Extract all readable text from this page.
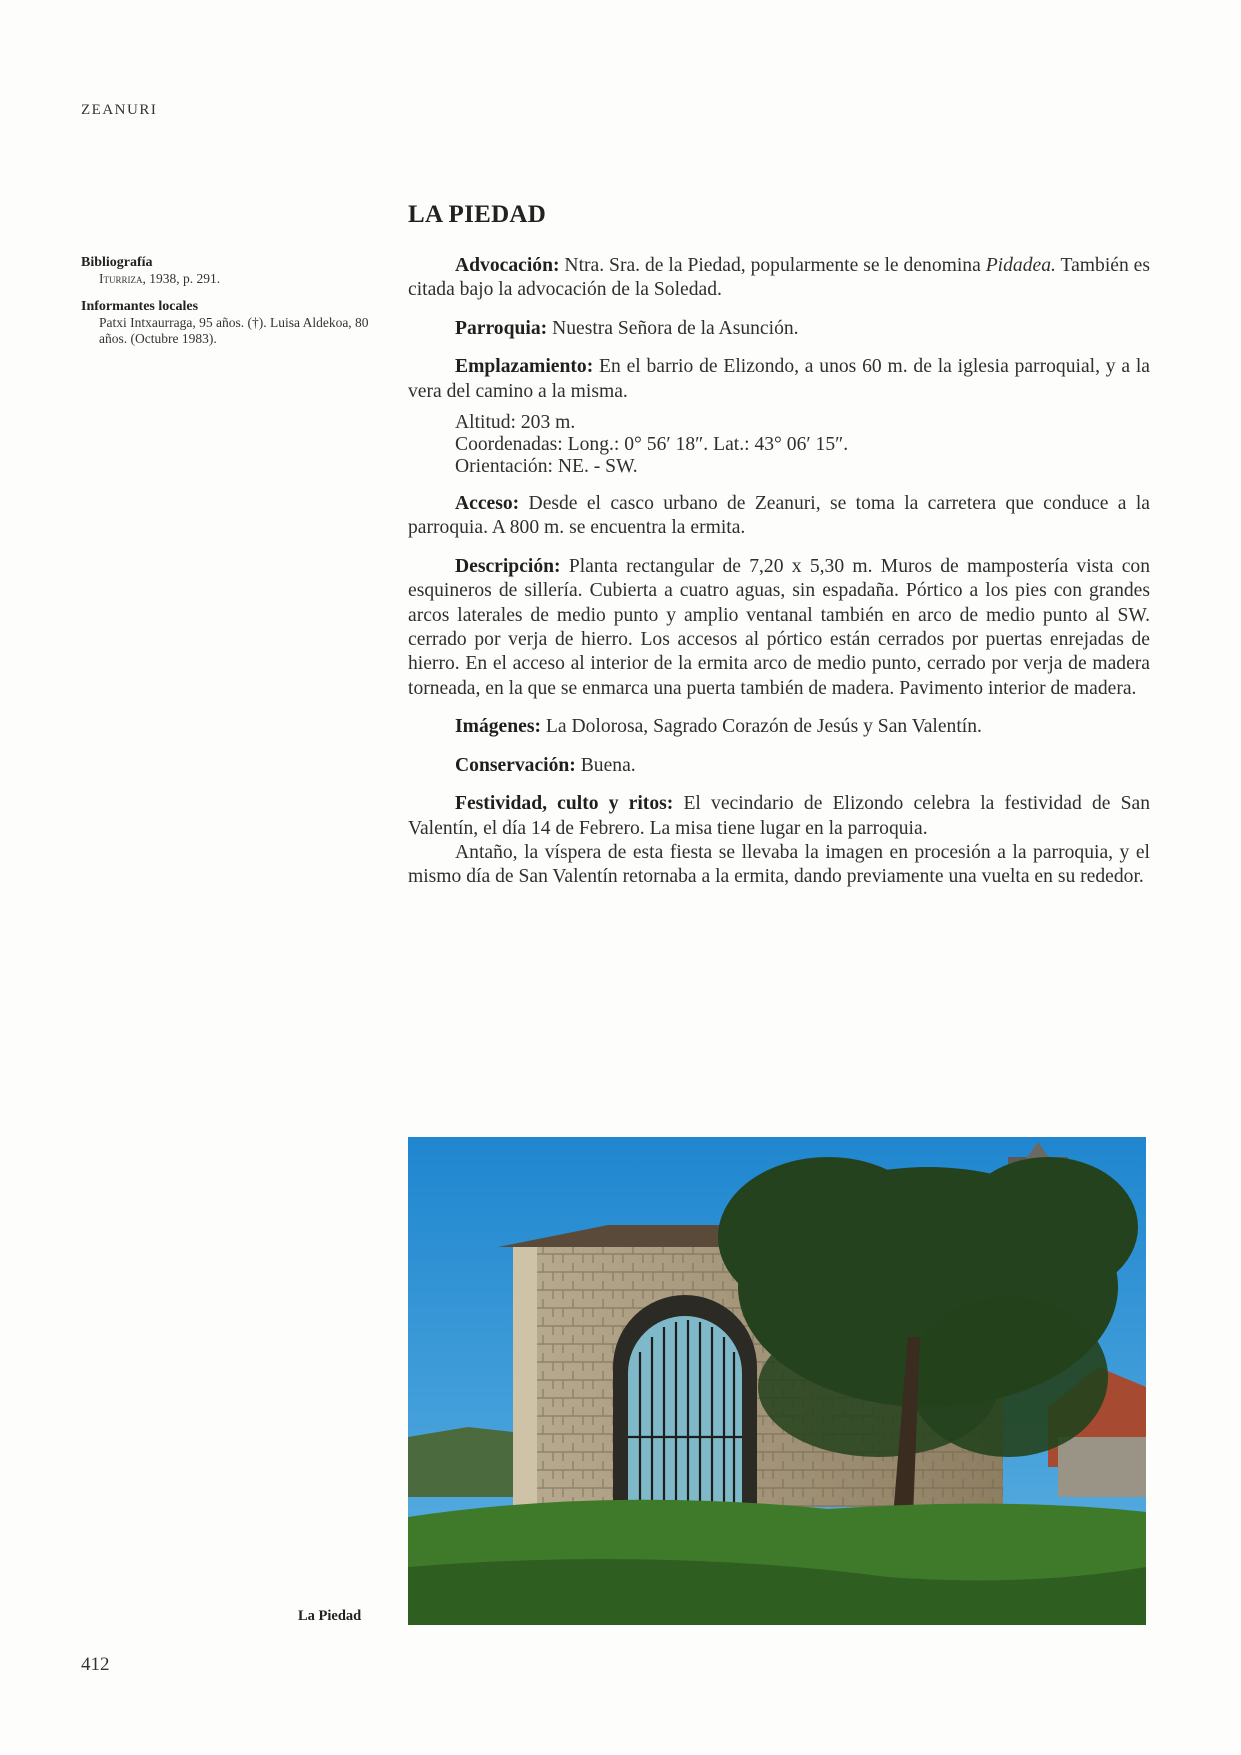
ZEANURI
Bibliografía
Iturriza, 1938, p. 291.
Informantes locales
Patxi Intxaurraga, 95 años. (†). Luisa Aldekoa, 80 años. (Octubre 1983).
LA PIEDAD

Advocación: Ntra. Sra. de la Piedad, popularmente se le denomina Pidadea. También es citada bajo la advocación de la Soledad.

Parroquia: Nuestra Señora de la Asunción.

Emplazamiento: En el barrio de Elizondo, a unos 60 m. de la iglesia parroquial, y a la vera del camino a la misma.

Altitud: 203 m.
Coordenadas: Long.: 0° 56′ 18″. Lat.: 43° 06′ 15″.
Orientación: NE. - SW.

Acceso: Desde el casco urbano de Zeanuri, se toma la carretera que conduce a la parroquia. A 800 m. se encuentra la ermita.

Descripción: Planta rectangular de 7,20 x 5,30 m. Muros de mampostería vista con esquineros de sillería. Cubierta a cuatro aguas, sin espadaña. Pórtico a los pies con grandes arcos laterales de medio punto y amplio ventanal también en arco de medio punto al SW. cerrado por verja de hierro. Los accesos al pórtico están cerrados por puertas enrejadas de hierro. En el acceso al interior de la ermita arco de medio punto, cerrado por verja de madera torneada, en la que se enmarca una puerta también de madera. Pavimento interior de madera.

Imágenes: La Dolorosa, Sagrado Corazón de Jesús y San Valentín.

Conservación: Buena.

Festividad, culto y ritos: El vecindario de Elizondo celebra la festividad de San Valentín, el día 14 de Febrero. La misa tiene lugar en la parroquia.

Antaño, la víspera de esta fiesta se llevaba la imagen en procesión a la parroquia, y el mismo día de San Valentín retornaba a la ermita, dando previamente una vuelta en su rededor.

La Piedad
412
